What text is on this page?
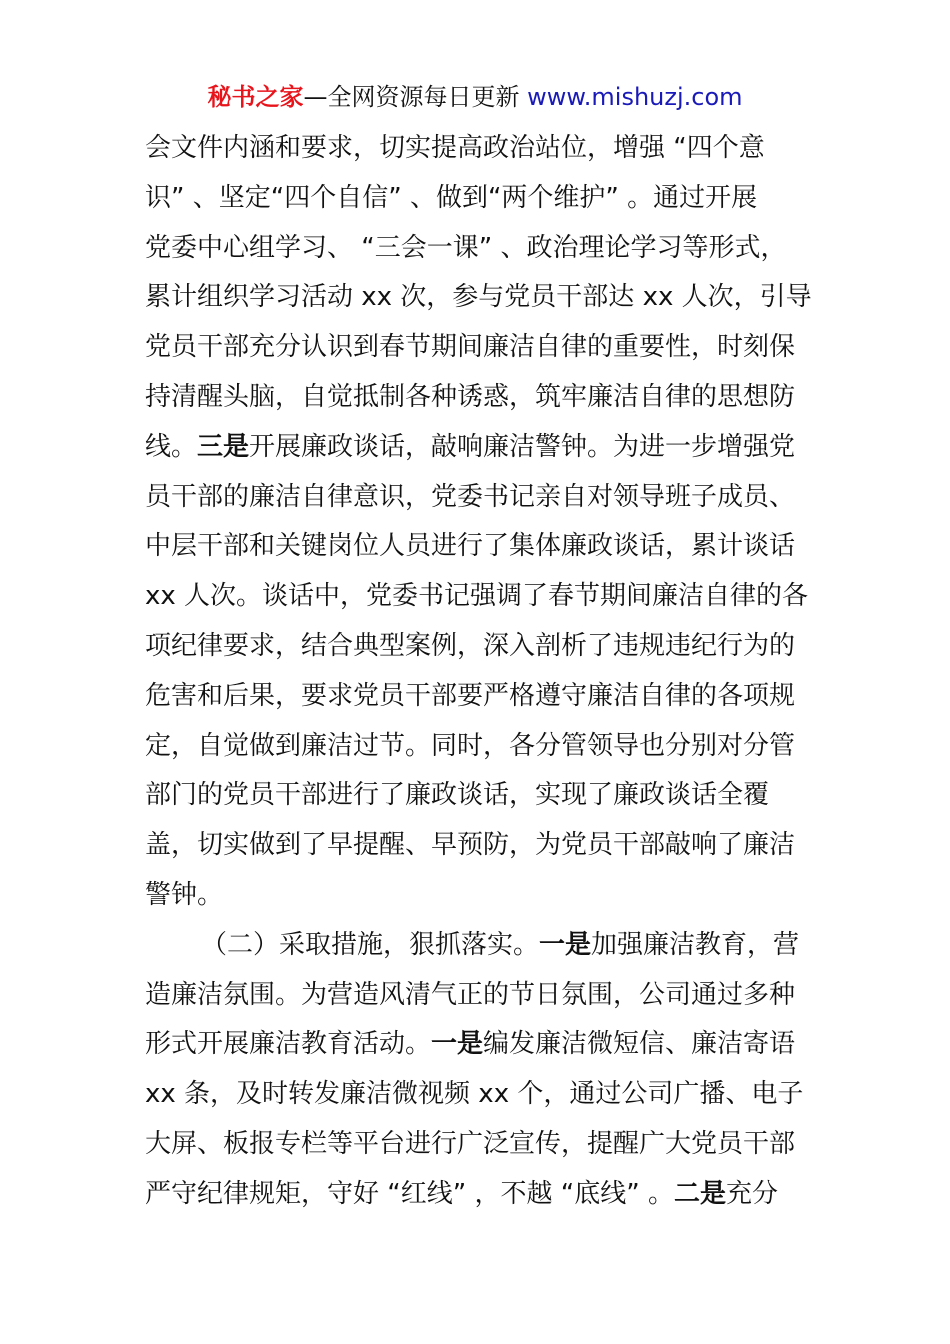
秘书之家—全网资源每日更新 www.mishuzj.com
会文件内涵和要求，切实提高政治站位，增强 “四个意
识” 、坚定“四个自信” 、做到“两个维护” 。通过开展
党委中心组学习、 “三会一课” 、政治理论学习等形式，
累计组织学习活动 xx 次，参与党员干部达 xx 人次，引导
党员干部充分认识到春节期间廉洁自律的重要性，时刻保
持清醒头脑，自觉抵制各种诱惑，筑牢廉洁自律的思想防
线。三是开展廉政谈话，敲响廉洁警钟。为进一步增强党
员干部的廉洁自律意识，党委书记亲自对领导班子成员、
中层干部和关键岗位人员进行了集体廉政谈话，累计谈话
xx 人次。谈话中，党委书记强调了春节期间廉洁自律的各
项纪律要求，结合典型案例，深入剖析了违规违纪行为的
危害和后果，要求党员干部要严格遵守廉洁自律的各项规
定，自觉做到廉洁过节。同时，各分管领导也分别对分管
部门的党员干部进行了廉政谈话，实现了廉政谈话全覆
盖，切实做到了早提醒、早预防，为党员干部敲响了廉洁
警钟。
（二）采取措施，狠抓落实。一是加强廉洁教育，营
造廉洁氛围。为营造风清气正的节日氛围，公司通过多种
形式开展廉洁教育活动。一是编发廉洁微短信、廉洁寄语
xx 条，及时转发廉洁微视频 xx 个，通过公司广播、电子
大屏、板报专栏等平台进行广泛宣传，提醒广大党员干部
严守纪律规矩，守好 “红线” ，不越 “底线” 。二是充分
